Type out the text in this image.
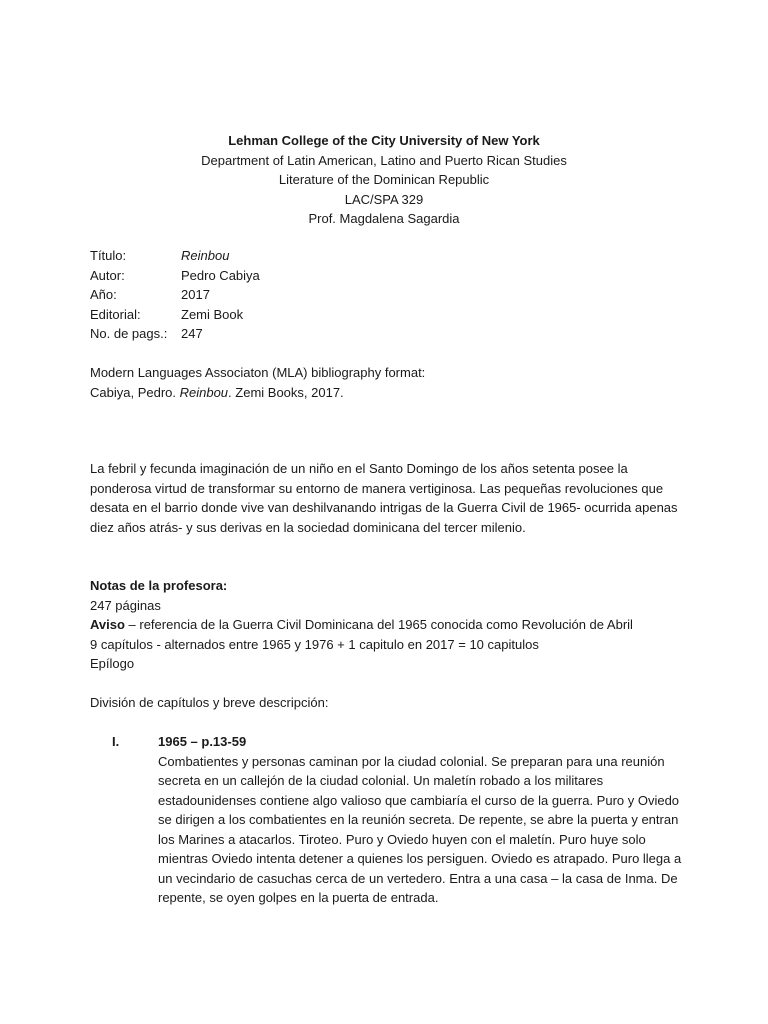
Lehman College of the City University of New York
Department of Latin American, Latino and Puerto Rican Studies
Literature of the Dominican Republic
LAC/SPA 329
Prof. Magdalena Sagardia
Título:	Reinbou
Autor:	Pedro Cabiya
Año:	2017
Editorial:	Zemi Book
No. de pags.:	247
Modern Languages Associaton (MLA) bibliography format:
Cabiya, Pedro. Reinbou. Zemi Books, 2017.
La febril y fecunda imaginación de un niño en el Santo Domingo de los años setenta posee la ponderosa virtud de transformar su entorno de manera vertiginosa. Las pequeñas revoluciones que desata en el barrio donde vive van deshilvanando intrigas de la Guerra Civil de 1965- ocurrida apenas diez años atrás- y sus derivas en la sociedad dominicana del tercer milenio.
Notas de la profesora:
247 páginas
Aviso – referencia de la Guerra Civil Dominicana del 1965 conocida como Revolución de Abril
9 capítulos - alternados entre 1965 y 1976 + 1 capitulo en 2017 = 10 capitulos
Epílogo
División de capítulos y breve descripción:
I.	1965 – p.13-59
Combatientes y personas caminan por la ciudad colonial. Se preparan para una reunión secreta en un callejón de la ciudad colonial. Un maletín robado a los militares estadounidenses contiene algo valioso que cambiaría el curso de la guerra. Puro y Oviedo se dirigen a los combatientes en la reunión secreta. De repente, se abre la puerta y entran los Marines a atacarlos. Tiroteo. Puro y Oviedo huyen con el maletín. Puro huye solo mientras Oviedo intenta detener a quienes los persiguen. Oviedo es atrapado. Puro llega a un vecindario de casuchas cerca de un vertedero. Entra a una casa – la casa de Inma. De repente, se oyen golpes en la puerta de entrada.
